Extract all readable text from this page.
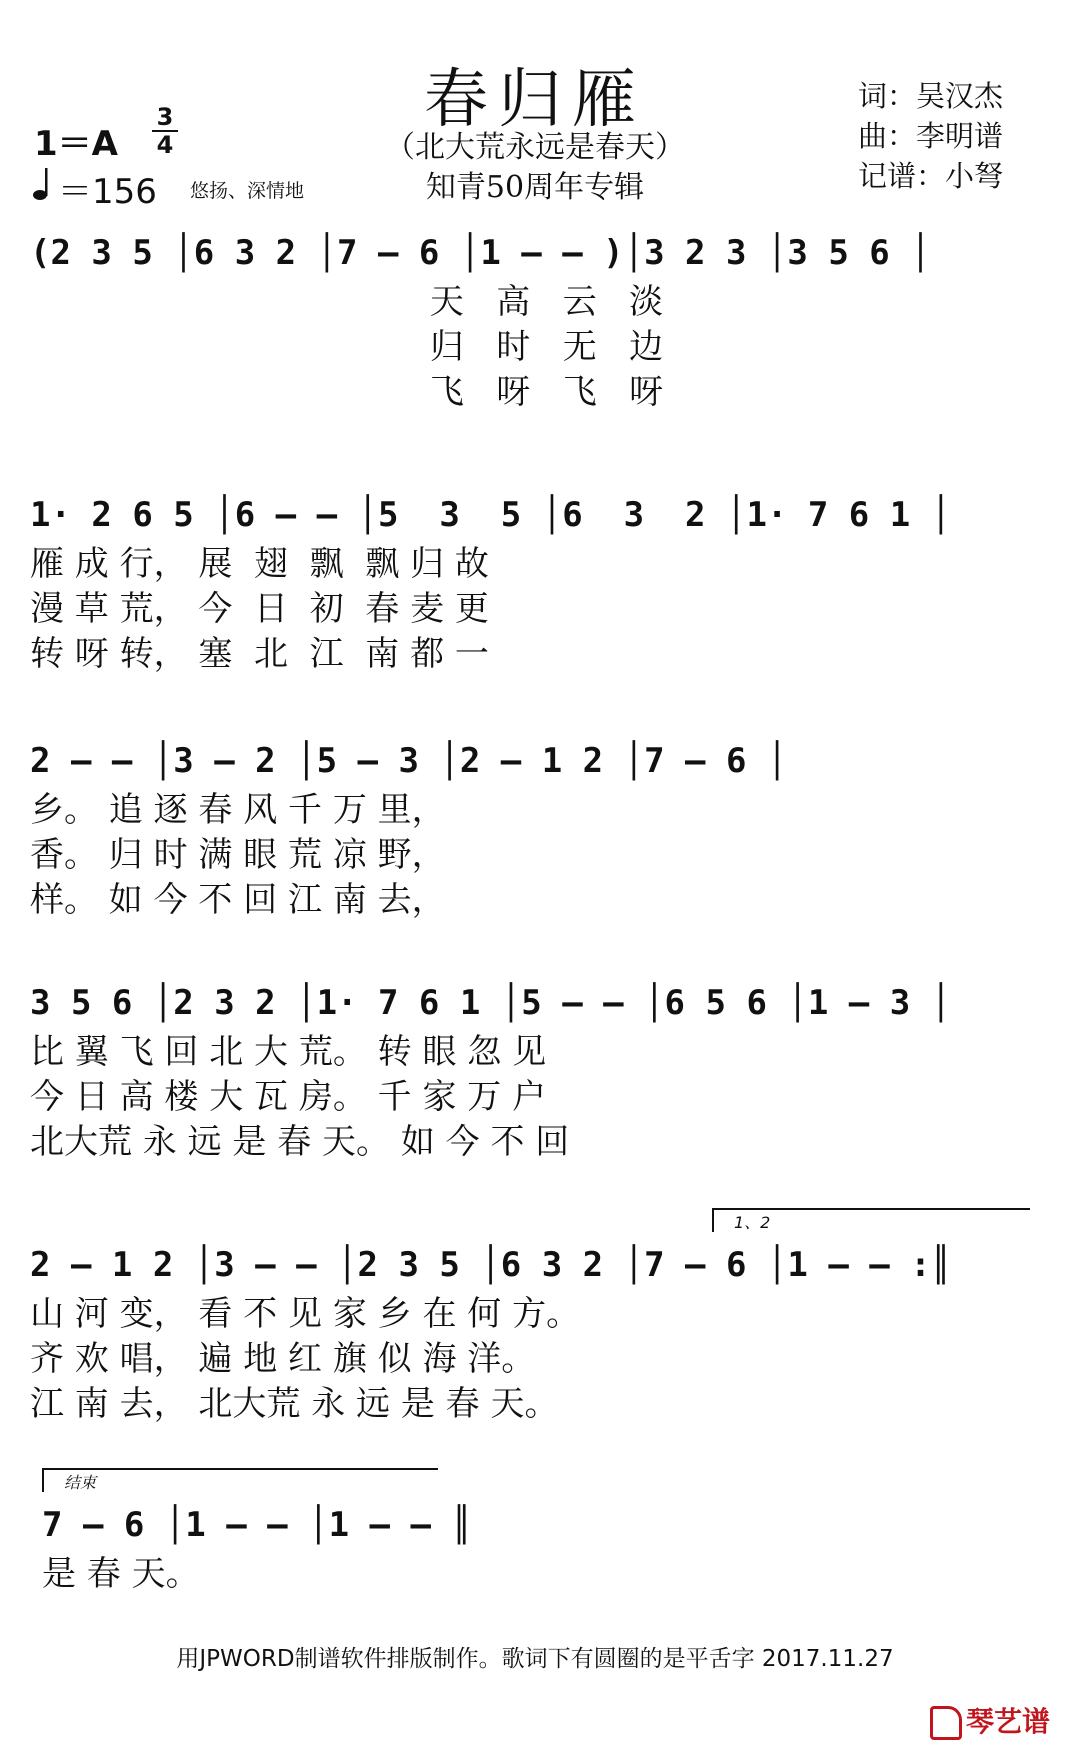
春归雁
（北大荒永远是春天）
知青50周年专辑
词：吴汉杰
曲：李明谱
记谱：小弩
1＝A
3
4
＝156 悠扬、深情地
(2 3 5 │6 3 2 │7 – 6 │1 – – )│3 2 3 │3 5 6 │
天   高   云   淡
归   时   无   边
飞   呀   飞   呀
1· 2 6 5 │6 – – │5  3  5 │6  3  2 │1· 7 6 1 │
雁 成 行， 展  翅  飘  飘 归 故
漫 草 荒， 今  日  初  春 麦 更
转 呀 转， 塞  北  江  南 都 一
2 – – │3 – 2 │5 – 3 │2 – 1 2 │7 – 6 │
乡。 追 逐 春 风 千 万 里，
香。 归 时 满 眼 荒 凉 野，
样。 如 今 不 回 江 南 去，
3 5 6 │2 3 2 │1· 7 6 1 │5 – – │6 5 6 │1 – 3 │
比 翼 飞 回 北 大 荒。 转 眼 忽 见
今 日 高 楼 大 瓦 房。 千 家 万 户
北大荒 永 远 是 春 天。 如 今 不 回
1、2
2 – 1 2 │3 – – │2 3 5 │6 3 2 │7 – 6 │1 – – :║
山 河 变， 看 不 见 家 乡 在 何 方。
齐 欢 唱， 遍 地 红 旗 似 海 洋。
江 南 去， 北大荒 永 远 是 春 天。
结束
7 – 6 │1 – – │1 – – ║
是 春 天。
用JPWORD制谱软件排版制作。歌词下有圆圈的是平舌字 2017.11.27
琴艺谱
